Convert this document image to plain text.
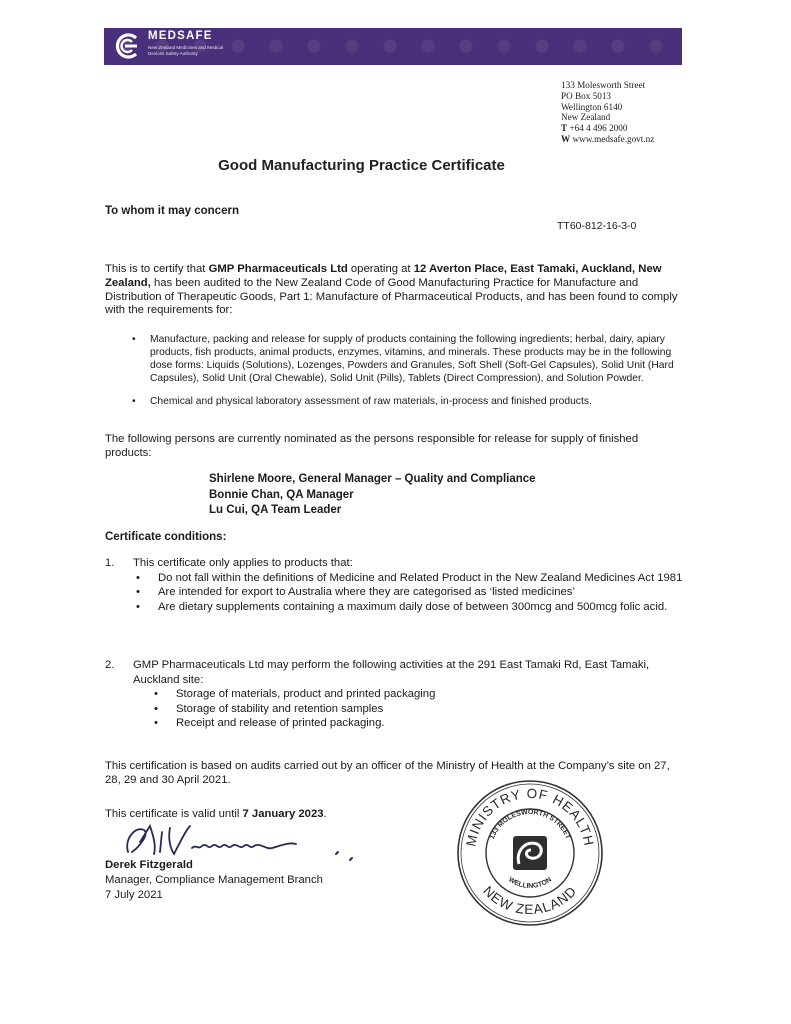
MEDSAFE
New Zealand Medicines and Medical Devices Safety Authority
133 Molesworth Street
PO Box 5013
Wellington 6140
New Zealand
T +64 4 496 2000
W www.medsafe.govt.nz
Good Manufacturing Practice Certificate
To whom it may concern
TT60-812-16-3-0
This is to certify that GMP Pharmaceuticals Ltd operating at 12 Averton Place, East Tamaki, Auckland, New Zealand, has been audited to the New Zealand Code of Good Manufacturing Practice for Manufacture and Distribution of Therapeutic Goods, Part 1: Manufacture of Pharmaceutical Products, and has been found to comply with the requirements for:
• Manufacture, packing and release for supply of products containing the following ingredients; herbal, dairy, apiary products, fish products, animal products, enzymes, vitamins, and minerals. These products may be in the following dose forms: Liquids (Solutions), Lozenges, Powders and Granules, Soft Shell (Soft-Gel Capsules), Solid Unit (Hard Capsules), Solid Unit (Oral Chewable), Solid Unit (Pills), Tablets (Direct Compression), and Solution Powder.
• Chemical and physical laboratory assessment of raw materials, in-process and finished products.
The following persons are currently nominated as the persons responsible for release for supply of finished products:
Shirlene Moore, General Manager – Quality and Compliance
Bonnie Chan, QA Manager
Lu Cui, QA Team Leader
Certificate conditions:
1. This certificate only applies to products that:
• Do not fall within the definitions of Medicine and Related Product in the New Zealand Medicines Act 1981
• Are intended for export to Australia where they are categorised as ‘listed medicines’
• Are dietary supplements containing a maximum daily dose of between 300mcg and 500mcg folic acid.
2. GMP Pharmaceuticals Ltd may perform the following activities at the 291 East Tamaki Rd, East Tamaki, Auckland site:
• Storage of materials, product and printed packaging
• Storage of stability and retention samples
• Receipt and release of printed packaging.
This certification is based on audits carried out by an officer of the Ministry of Health at the Company’s site on 27, 28, 29 and 30 April 2021.
This certificate is valid until 7 January 2023.
Derek Fitzgerald
Manager, Compliance Management Branch
7 July 2021
MINISTRY OF HEALTH
133 MOLESWORTH STREET
NEW ZEALAND
WELLINGTON
